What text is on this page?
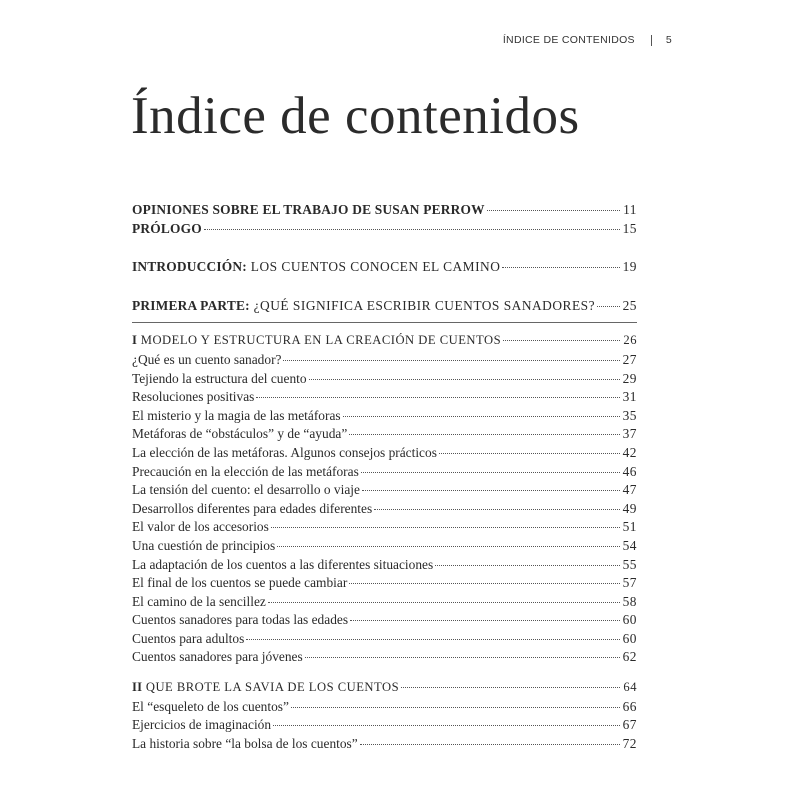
ÍNDICE DE CONTENIDOS	5
Índice de contenidos
OPINIONES SOBRE EL TRABAJO DE SUSAN PERROW	11
PRÓLOGO	15
INTRODUCCIÓN: LOS CUENTOS CONOCEN EL CAMINO	19
PRIMERA PARTE: ¿QUÉ SIGNIFICA ESCRIBIR CUENTOS SANADORES? 25
I MODELO Y ESTRUCTURA EN LA CREACIÓN DE CUENTOS	26
¿Qué es un cuento sanador?	27
Tejiendo la estructura del cuento	29
Resoluciones positivas	31
El misterio y la magia de las metáforas	35
Metáforas de “obstáculos” y de “ayuda”	37
La elección de las metáforas. Algunos consejos prácticos	42
Precaución en la elección de las metáforas	46
La tensión del cuento: el desarrollo o viaje	47
Desarrollos diferentes para edades diferentes	49
El valor de los accesorios	51
Una cuestión de principios	54
La adaptación de los cuentos a las diferentes situaciones	55
El final de los cuentos se puede cambiar	57
El camino de la sencillez	58
Cuentos sanadores para todas las edades	60
Cuentos para adultos	60
Cuentos sanadores para jóvenes	62
II QUE BROTE LA SAVIA DE LOS CUENTOS	64
El “esqueleto de los cuentos”	66
Ejercicios de imaginación	67
La historia sobre “la bolsa de los cuentos”	72
